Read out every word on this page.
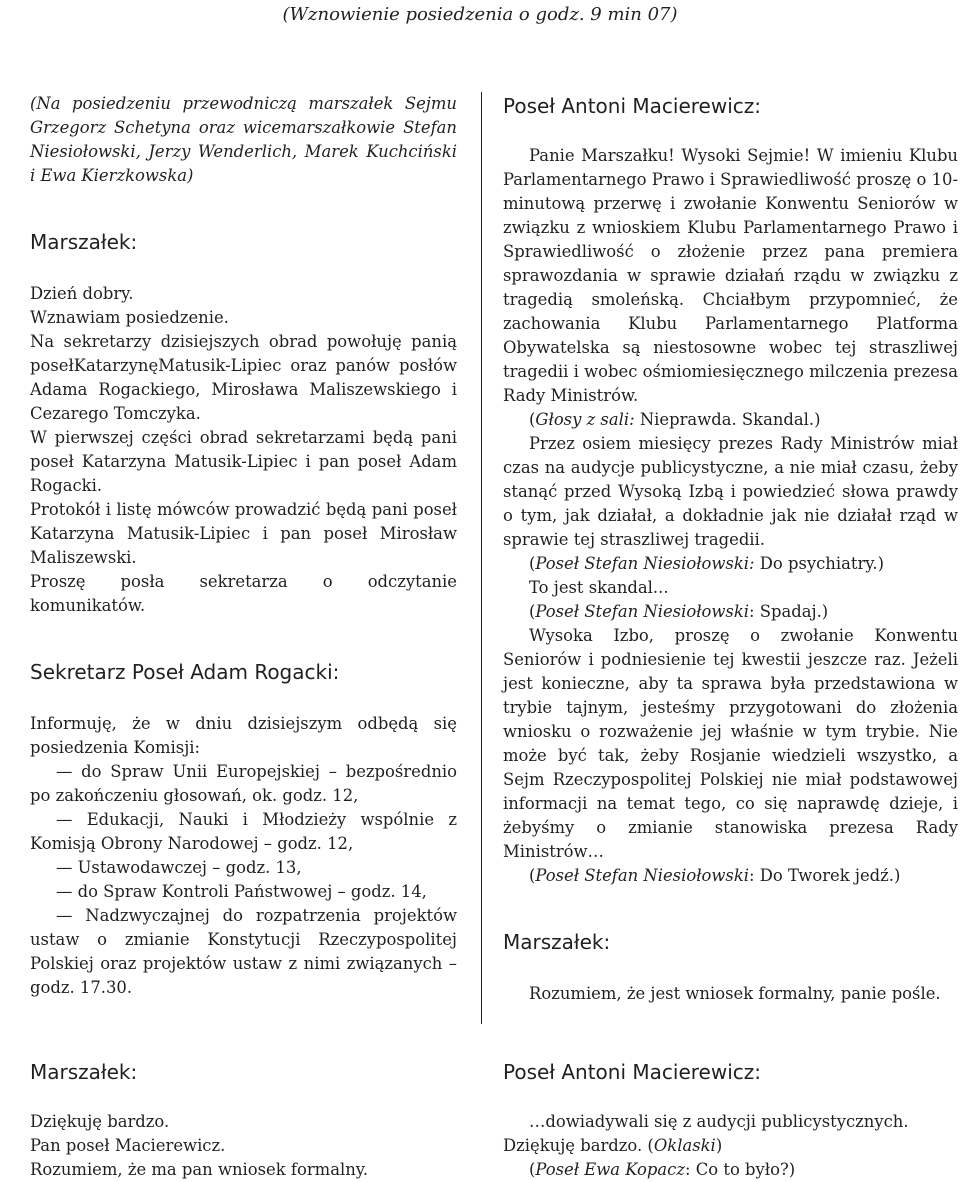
(Wznowienie posiedzenia o godz. 9 min 07)

(Na posiedzeniu przewodniczą marszałek Sejmu Grzegorz Schetyna oraz wicemarszałkowie Stefan Niesiołowski, Jerzy Wenderlich, Marek Kuchciński i Ewa Kierzkowska)

Marszałek:

Dzień dobry.

Wznawiam posiedzenie.

Na sekretarzy dzisiejszych obrad powołuję panią posełKatarzynęMatusik-Lipiec oraz panów posłów Adama Rogackiego, Mirosława Maliszewskiego i Cezarego Tomczyka.

W pierwszej części obrad sekretarzami będą pani poseł Katarzyna Matusik-Lipiec i pan poseł Adam Rogacki.

Protokół i listę mówców prowadzić będą pani poseł Katarzyna Matusik-Lipiec i pan poseł Mirosław Maliszewski.

Proszę posła sekretarza o odczytanie komunikatów.

Sekretarz Poseł Adam Rogacki:

Informuję, że w dniu dzisiejszym odbędą się posiedzenia Komisji:

— do Spraw Unii Europejskiej – bezpośrednio po zakończeniu głosowań, ok. godz. 12,

— Edukacji, Nauki i Młodzieży wspólnie z Komisją Obrony Narodowej – godz. 12,

— Ustawodawczej – godz. 13,

— do Spraw Kontroli Państwowej – godz. 14,

— Nadzwyczajnej do rozpatrzenia projektów ustaw o zmianie Konstytucji Rzeczypospolitej Polskiej oraz projektów ustaw z nimi związanych – godz. 17.30.

Poseł Antoni Macierewicz:

Panie Marszałku! Wysoki Sejmie! W imieniu Klubu Parlamentarnego Prawo i Sprawiedliwość proszę o 10-minutową przerwę i zwołanie Konwentu Seniorów w związku z wnioskiem Klubu Parlamentarnego Prawo i Sprawiedliwość o złożenie przez pana premiera sprawozdania w sprawie działań rządu w związku z tragedią smoleńską. Chciałbym przypomnieć, że zachowania Klubu Parlamentarnego Platforma Obywatelska są niestosowne wobec tej straszliwej tragedii i wobec ośmiomiesięcznego milczenia prezesa Rady Ministrów.

(Głosy z sali: Nieprawda. Skandal.)

Przez osiem miesięcy prezes Rady Ministrów miał czas na audycje publicystyczne, a nie miał czasu, żeby stanąć przed Wysoką Izbą i powiedzieć słowa prawdy o tym, jak działał, a dokładnie jak nie działał rząd w sprawie tej straszliwej tragedii.

(Poseł Stefan Niesiołowski: Do psychiatry.)

To jest skandal...

(Poseł Stefan Niesiołowski: Spadaj.)

Wysoka Izbo, proszę o zwołanie Konwentu Seniorów i podniesienie tej kwestii jeszcze raz. Jeżeli jest konieczne, aby ta sprawa była przedstawiona w trybie tajnym, jesteśmy przygotowani do złożenia wniosku o rozważenie jej właśnie w tym trybie. Nie może być tak, żeby Rosjanie wiedzieli wszystko, a Sejm Rzeczypospolitej Polskiej nie miał podstawowej informacji na temat tego, co się naprawdę dzieje, i żebyśmy o zmianie stanowiska prezesa Rady Ministrów…

(Poseł Stefan Niesiołowski: Do Tworek jedź.)

Marszałek:

Rozumiem, że jest wniosek formalny, panie pośle.

Marszałek:

Dziękuję bardzo.

Pan poseł Macierewicz.

Rozumiem, że ma pan wniosek formalny.

Poseł Antoni Macierewicz:

…dowiadywali się z audycji publicystycznych.

Dziękuję bardzo. (Oklaski)

(Poseł Ewa Kopacz: Co to było?)
